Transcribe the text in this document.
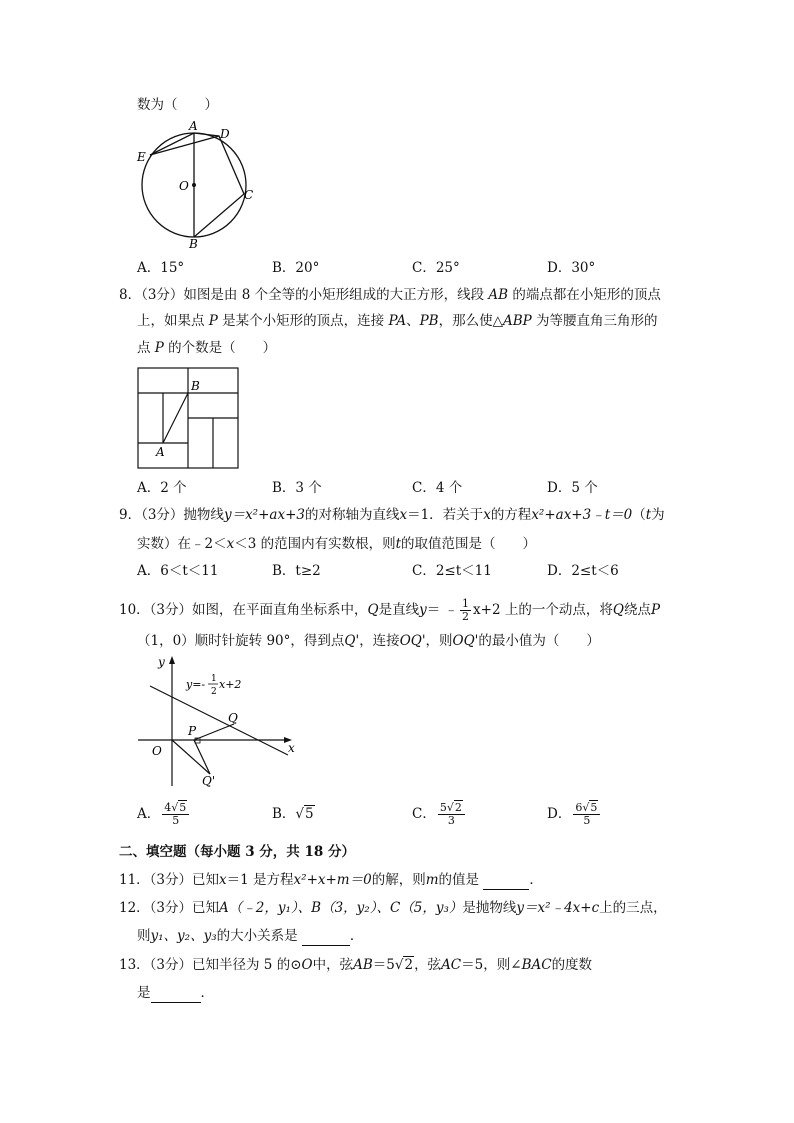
数为（　　）
A
D
E
O
C
B
A．15°	B．20°	C．25°	D．30°
8．（3分）如图是由 8 个全等的小矩形组成的大正方形，线段 AB 的端点都在小矩形的顶点
上，如果点 P 是某个小矩形的顶点，连接 PA、PB，那么使△ABP 为等腰直角三角形的
点 P 的个数是（　　）
B
A
A．2 个	B．3 个	C．4 个	D．5 个
9．（3分）抛物线y＝x²+ax+3的对称轴为直线x＝1．若关于x的方程x²+ax+3﹣t＝0（t为
实数）在﹣2＜x＜3 的范围内有实数根，则t的取值范围是（　　）
A．6＜t＜11	B．t≥2	C．2≤t＜11	D．2≤t＜6
10．（3分）如图，在平面直角坐标系中，Q是直线y＝ ﹣ $\frac{1}{2} x+2$ 上的一个动点，将Q绕点P
（1，0）顺时针旋转 90°，得到点Q'，连接OQ'，则OQ'的最小值为（　　）
y
x
O
P
Q
Q'
y=- 1
2
x+2
A． $\frac{4√5}{5}$	B．√5	C． $\frac{5√2}{3}$	D． $\frac{6√5}{5}$
二、填空题（每小题 3 分，共 18 分）
11．（3分）已知x＝1 是方程x²+x+m＝0的解，则m的值是	．
12．（3分）已知A（﹣2，y₁）、B（3，y₂）、C（5，y₃）是抛物线y＝x²﹣4x+c上的三点，
则y₁、y₂、y₃的大小关系是	．
13．（3分）已知半径为 5 的⊙O中，弦AB＝5√2，弦AC＝5，则∠BAC的度数
是	．
